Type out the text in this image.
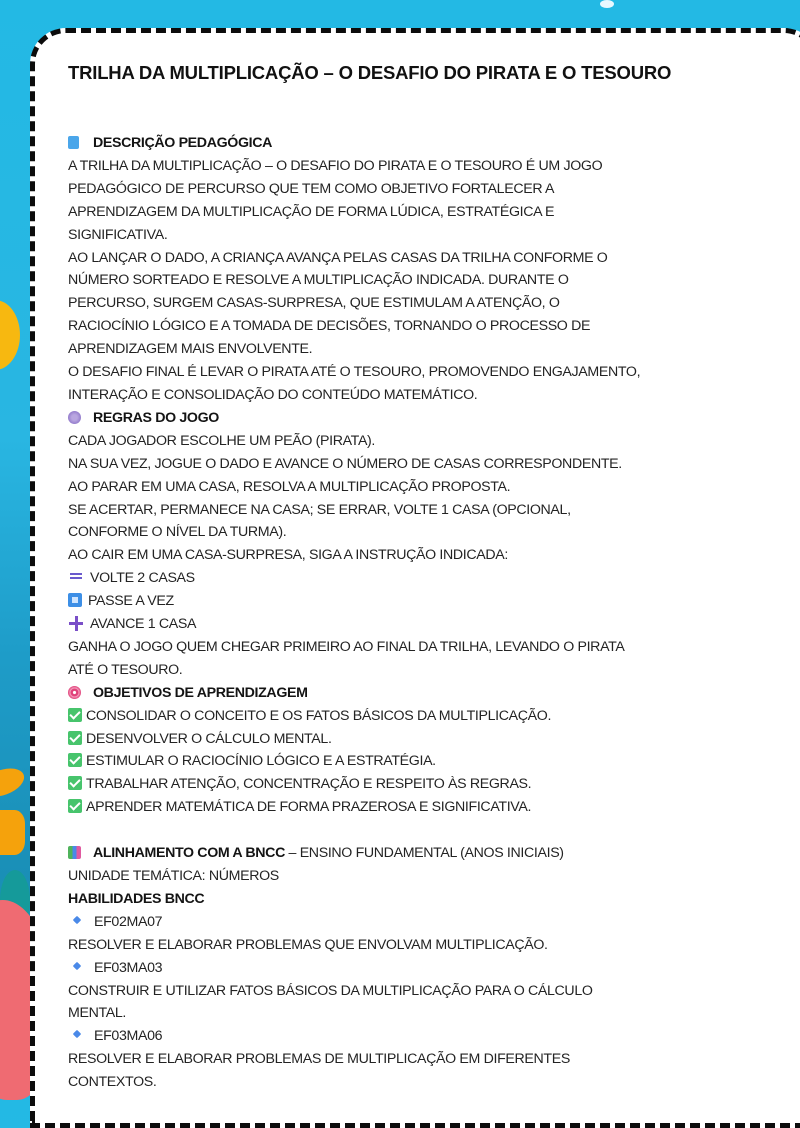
TRILHA DA MULTIPLICAÇÃO – O DESAFIO DO PIRATA E O TESOURO
DESCRIÇÃO PEDAGÓGICA
A TRILHA DA MULTIPLICAÇÃO – O DESAFIO DO PIRATA E O TESOURO É UM JOGO
PEDAGÓGICO DE PERCURSO QUE TEM COMO OBJETIVO FORTALECER A
APRENDIZAGEM DA MULTIPLICAÇÃO DE FORMA LÚDICA, ESTRATÉGICA E
SIGNIFICATIVA.
AO LANÇAR O DADO, A CRIANÇA AVANÇA PELAS CASAS DA TRILHA CONFORME O
NÚMERO SORTEADO E RESOLVE A MULTIPLICAÇÃO INDICADA. DURANTE O
PERCURSO, SURGEM CASAS-SURPRESA, QUE ESTIMULAM A ATENÇÃO, O
RACIOCÍNIO LÓGICO E A TOMADA DE DECISÕES, TORNANDO O PROCESSO DE
APRENDIZAGEM MAIS ENVOLVENTE.
O DESAFIO FINAL É LEVAR O PIRATA ATÉ O TESOURO, PROMOVENDO ENGAJAMENTO,
INTERAÇÃO E CONSOLIDAÇÃO DO CONTEÚDO MATEMÁTICO.
REGRAS DO JOGO
CADA JOGADOR ESCOLHE UM PEÃO (PIRATA).
NA SUA VEZ, JOGUE O DADO E AVANCE O NÚMERO DE CASAS CORRESPONDENTE.
AO PARAR EM UMA CASA, RESOLVA A MULTIPLICAÇÃO PROPOSTA.
SE ACERTAR, PERMANECE NA CASA; SE ERRAR, VOLTE 1 CASA (OPCIONAL,
CONFORME O NÍVEL DA TURMA).
AO CAIR EM UMA CASA-SURPRESA, SIGA A INSTRUÇÃO INDICADA:
VOLTE 2 CASAS
PASSE A VEZ
AVANCE 1 CASA
GANHA O JOGO QUEM CHEGAR PRIMEIRO AO FINAL DA TRILHA, LEVANDO O PIRATA
ATÉ O TESOURO.
OBJETIVOS DE APRENDIZAGEM
CONSOLIDAR O CONCEITO E OS FATOS BÁSICOS DA MULTIPLICAÇÃO.
DESENVOLVER O CÁLCULO MENTAL.
ESTIMULAR O RACIOCÍNIO LÓGICO E A ESTRATÉGIA.
TRABALHAR ATENÇÃO, CONCENTRAÇÃO E RESPEITO ÀS REGRAS.
APRENDER MATEMÁTICA DE FORMA PRAZEROSA E SIGNIFICATIVA.
ALINHAMENTO COM A BNCC – ENSINO FUNDAMENTAL (ANOS INICIAIS)
UNIDADE TEMÁTICA: NÚMEROS
HABILIDADES BNCC
EF02MA07
RESOLVER E ELABORAR PROBLEMAS QUE ENVOLVAM MULTIPLICAÇÃO.
EF03MA03
CONSTRUIR E UTILIZAR FATOS BÁSICOS DA MULTIPLICAÇÃO PARA O CÁLCULO
MENTAL.
EF03MA06
RESOLVER E ELABORAR PROBLEMAS DE MULTIPLICAÇÃO EM DIFERENTES
CONTEXTOS.
